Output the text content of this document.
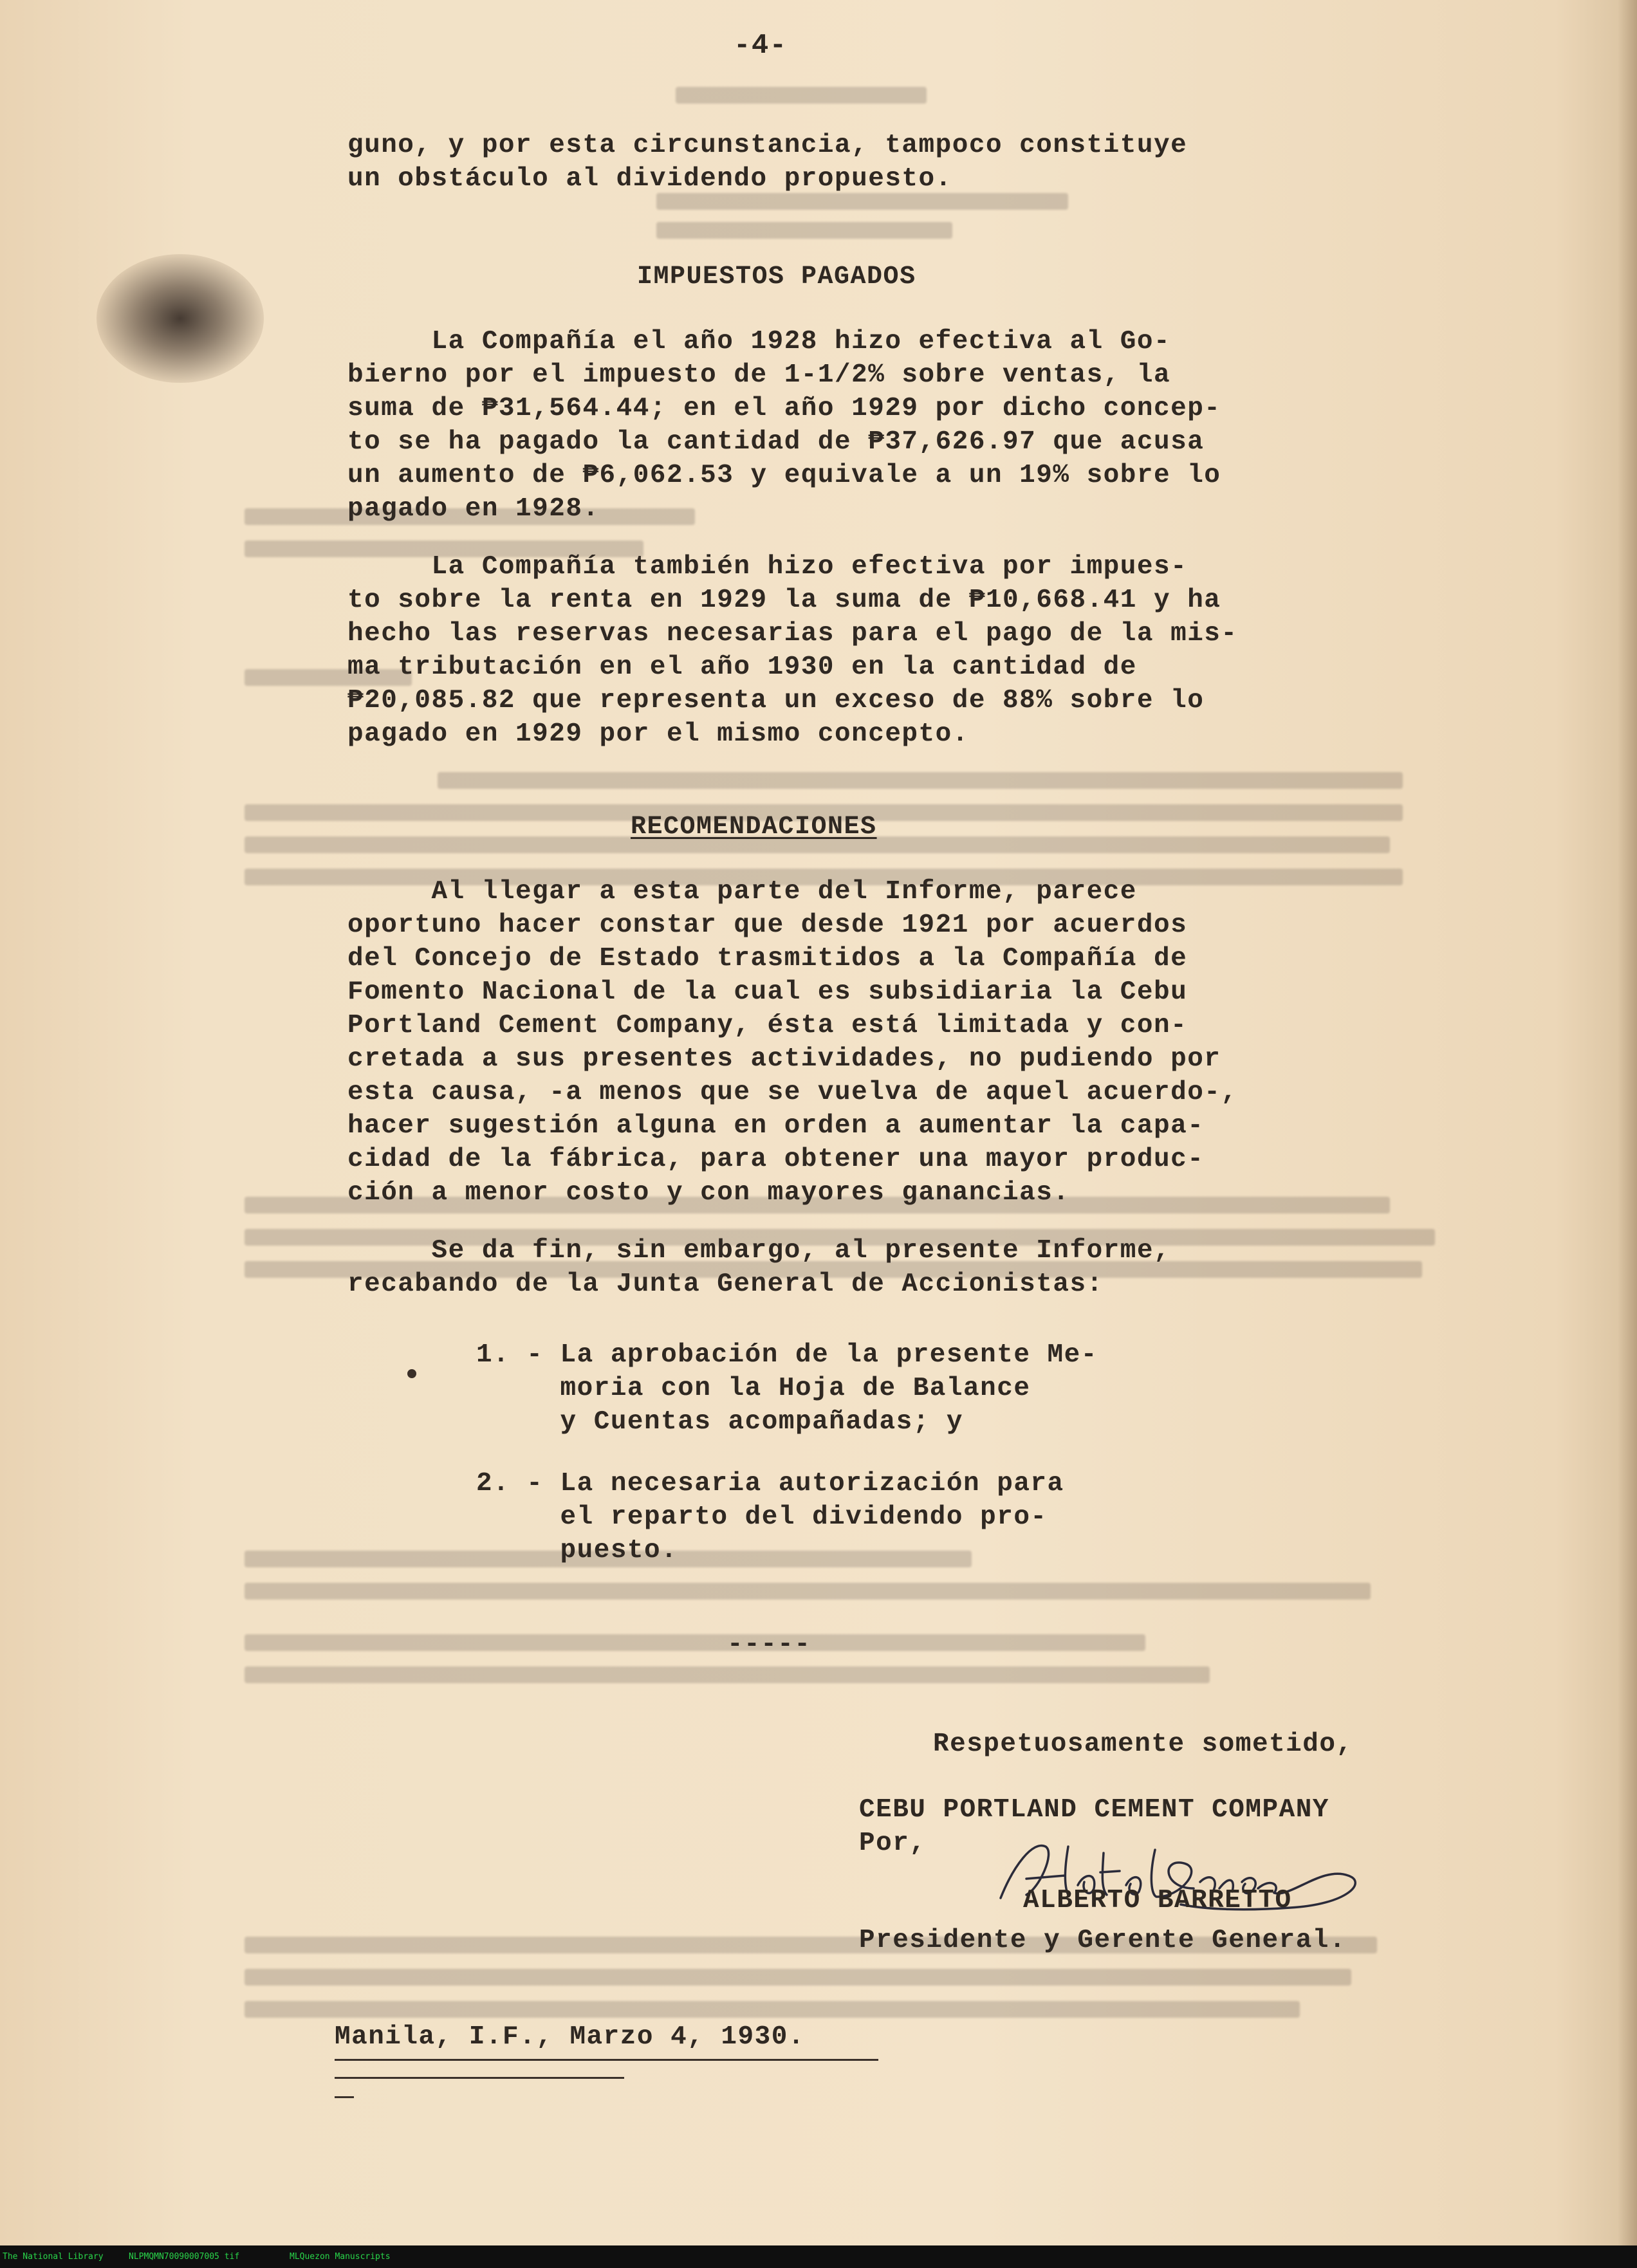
-4-
guno, y por esta circunstancia, tampoco constituye
un obstáculo al dividendo propuesto.
IMPUESTOS PAGADOS
La Compañía el año 1928 hizo efectiva al Go-
bierno por el impuesto de 1-1/2% sobre ventas, la
suma de ₱31,564.44; en el año 1929 por dicho concep-
to se ha pagado la cantidad de ₱37,626.97 que acusa
un aumento de ₱6,062.53 y equivale a un 19% sobre lo
pagado en 1928.
La Compañía también hizo efectiva por impues-
to sobre la renta en 1929 la suma de ₱10,668.41 y ha
hecho las reservas necesarias para el pago de la mis-
ma tributación en el año 1930 en la cantidad de
₱20,085.82 que representa un exceso de 88% sobre lo
pagado en 1929 por el mismo concepto.
RECOMENDACIONES
Al llegar a esta parte del Informe, parece
oportuno hacer constar que desde 1921 por acuerdos
del Concejo de Estado trasmitidos a la Compañía de
Fomento Nacional de la cual es subsidiaria la Cebu
Portland Cement Company, ésta está limitada y con-
cretada a sus presentes actividades, no pudiendo por
esta causa, -a menos que se vuelva de aquel acuerdo-,
hacer sugestión alguna en orden a aumentar la capa-
cidad de la fábrica, para obtener una mayor produc-
ción a menor costo y con mayores ganancias.
Se da fin, sin embargo, al presente Informe,
recabando de la Junta General de Accionistas:
1. - La aprobación de la presente Me-
moria con la Hoja de Balance
y Cuentas acompañadas; y
2. - La necesaria autorización para
el reparto del dividendo pro-
puesto.
-----
Respetuosamente sometido,
CEBU PORTLAND CEMENT COMPANY
Por,
ALBERTO BARRETTO
Presidente y Gerente General.
Manila, I.F., Marzo 4, 1930.
The National Library	NLPMQMN70090007005 tif	MLQuezon Manuscripts
